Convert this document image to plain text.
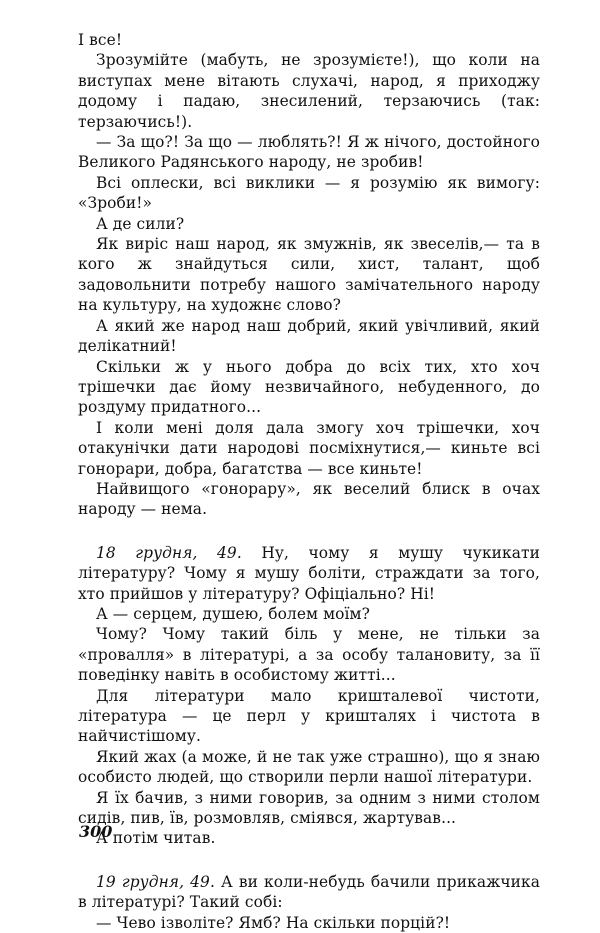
І все!

Зрозумійте (мабуть, не зрозумієте!), що коли на виступах мене вітають слухачі, народ, я приходжу додому і падаю, знесилений, терзаючись (так: терзаючись!).

— За що?! За що — люблять?! Я ж нічого, достойного Великого Радянського народу, не зробив!

Всі оплески, всі виклики — я розумію як вимогу: «Зроби!»

А де сили?

Як виріс наш народ, як змужнів, як звеселів,— та в кого ж знайдуться сили, хист, талант, щоб задовольнити потребу нашого замічательного народу на культуру, на художнє слово?

А який же народ наш добрий, який увічливий, який делікатний!

Скільки ж у нього добра до всіх тих, хто хоч трішечки дає йому незвичайного, небуденного, до роздуму придатного...

І коли мені доля дала змогу хоч трішечки, хоч отакунічки дати народові посміхнутися,— киньте всі гонорари, добра, багатства — все киньте!

Найвищого «гонорару», як веселий блиск в очах народу — нема.

18 грудня, 49. Ну, чому я мушу чукикати літературу? Чому я мушу боліти, страждати за того, хто прийшов у літературу? Офіціально? Ні!

А — серцем, душею, болем моїм?

Чому? Чому такий біль у мене, не тільки за «провалля» в літературі, а за особу талановиту, за її поведінку навіть в особистому житті...

Для літератури мало кришталевої чистоти, література — це перл у кришталях і чистота в найчистішому.

Який жах (а може, й не так уже страшно), що я знаю особисто людей, що створили перли нашої літератури.

Я їх бачив, з ними говорив, за одним з ними столом сидів, пив, їв, розмовляв, сміявся, жартував...

А потім читав.

19 грудня, 49. А ви коли-небудь бачили прикажчика в літературі? Такий собі:

— Чево ізволіте? Ямб? На скільки порцій?!

300
